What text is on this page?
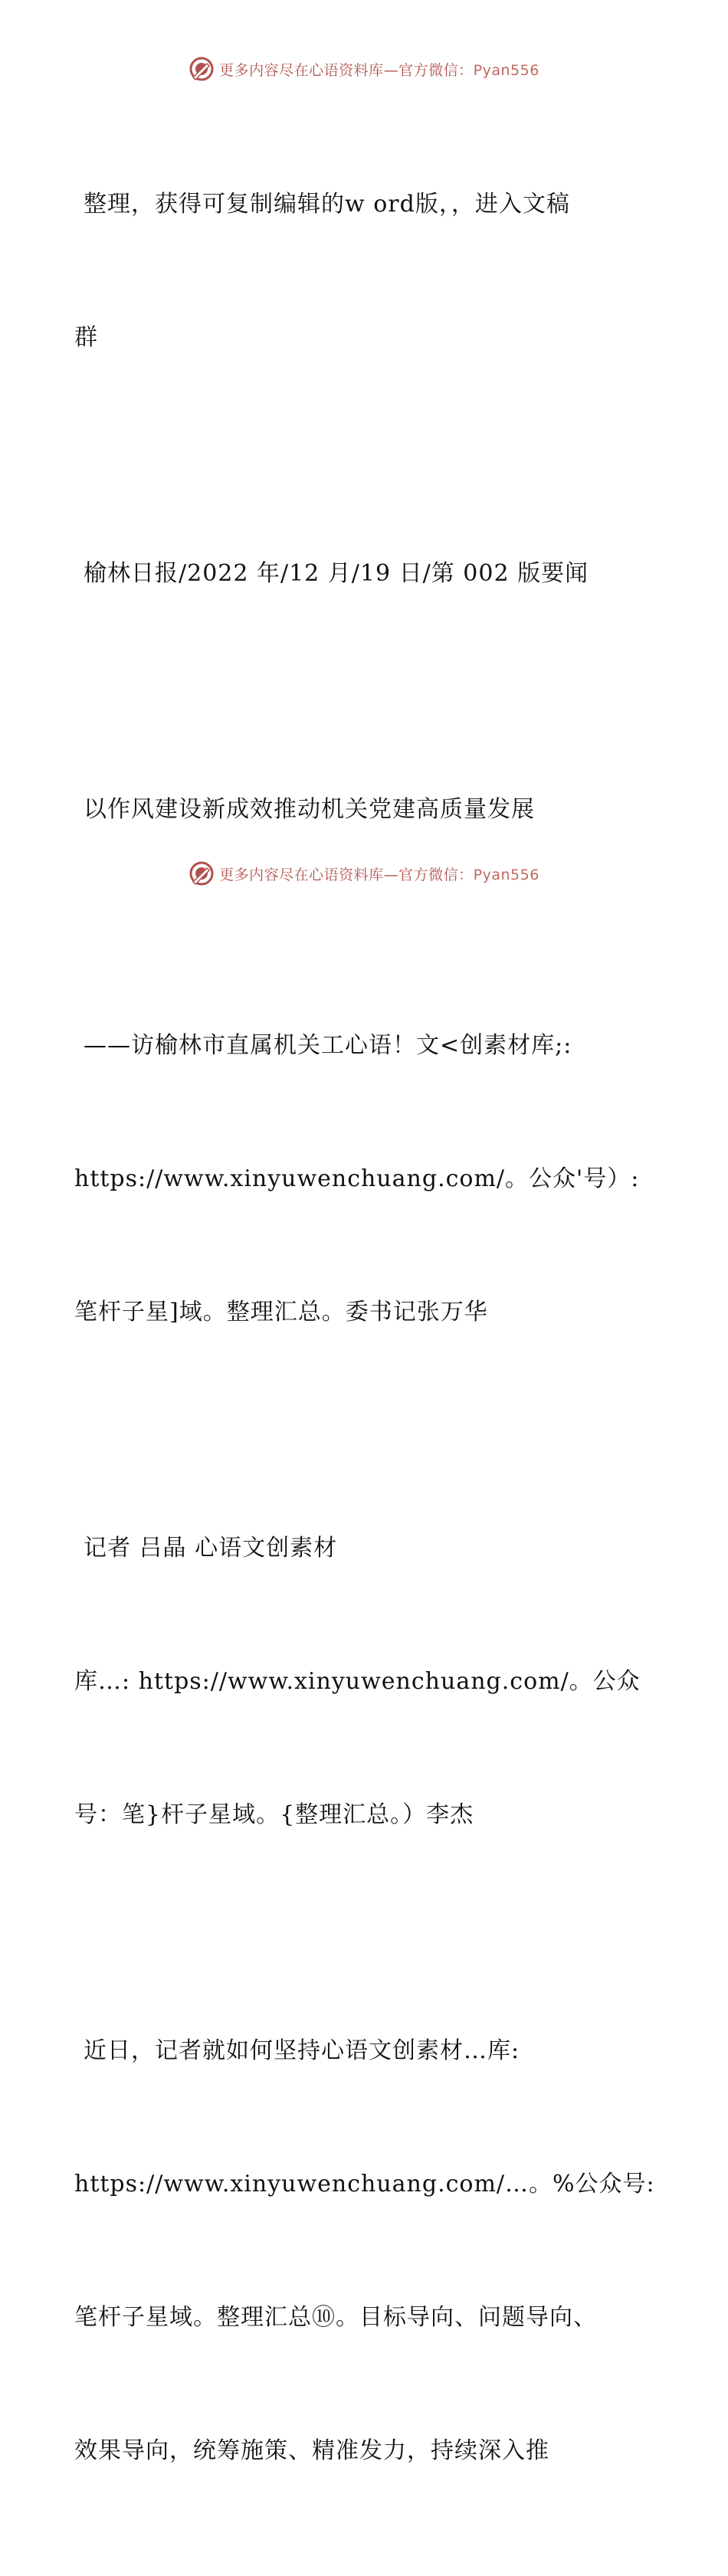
更多内容尽在心语资料库—官方微信：Pyan556

整理，获得可复制编辑的w ord版，，进入文稿

群

榆林日报/2022 年/12 月/19 日/第 002 版要闻

以作风建设新成效推动机关党建高质量发展

——访榆林市直属机关工心语！文<创素材库;:

https://www.xinyuwenchuang.com/。公众'号）:

笔杆子星]域。整理汇总。委书记张万华

记者 吕晶 心语文创素材

库…: https://www.xinyuwenchuang.com/。公众

号：笔}杆子星域。{整理汇总。）李杰

近日，记者就如何坚持心语文创素材…库:

https://www.xinyuwenchuang.com/…。%公众号:

笔杆子星域。整理汇总⑩。目标导向、问题导向、

效果导向，统筹施策、精准发力，持续深入推

更多内容尽在心语资料库—官方微信：Pyan556
